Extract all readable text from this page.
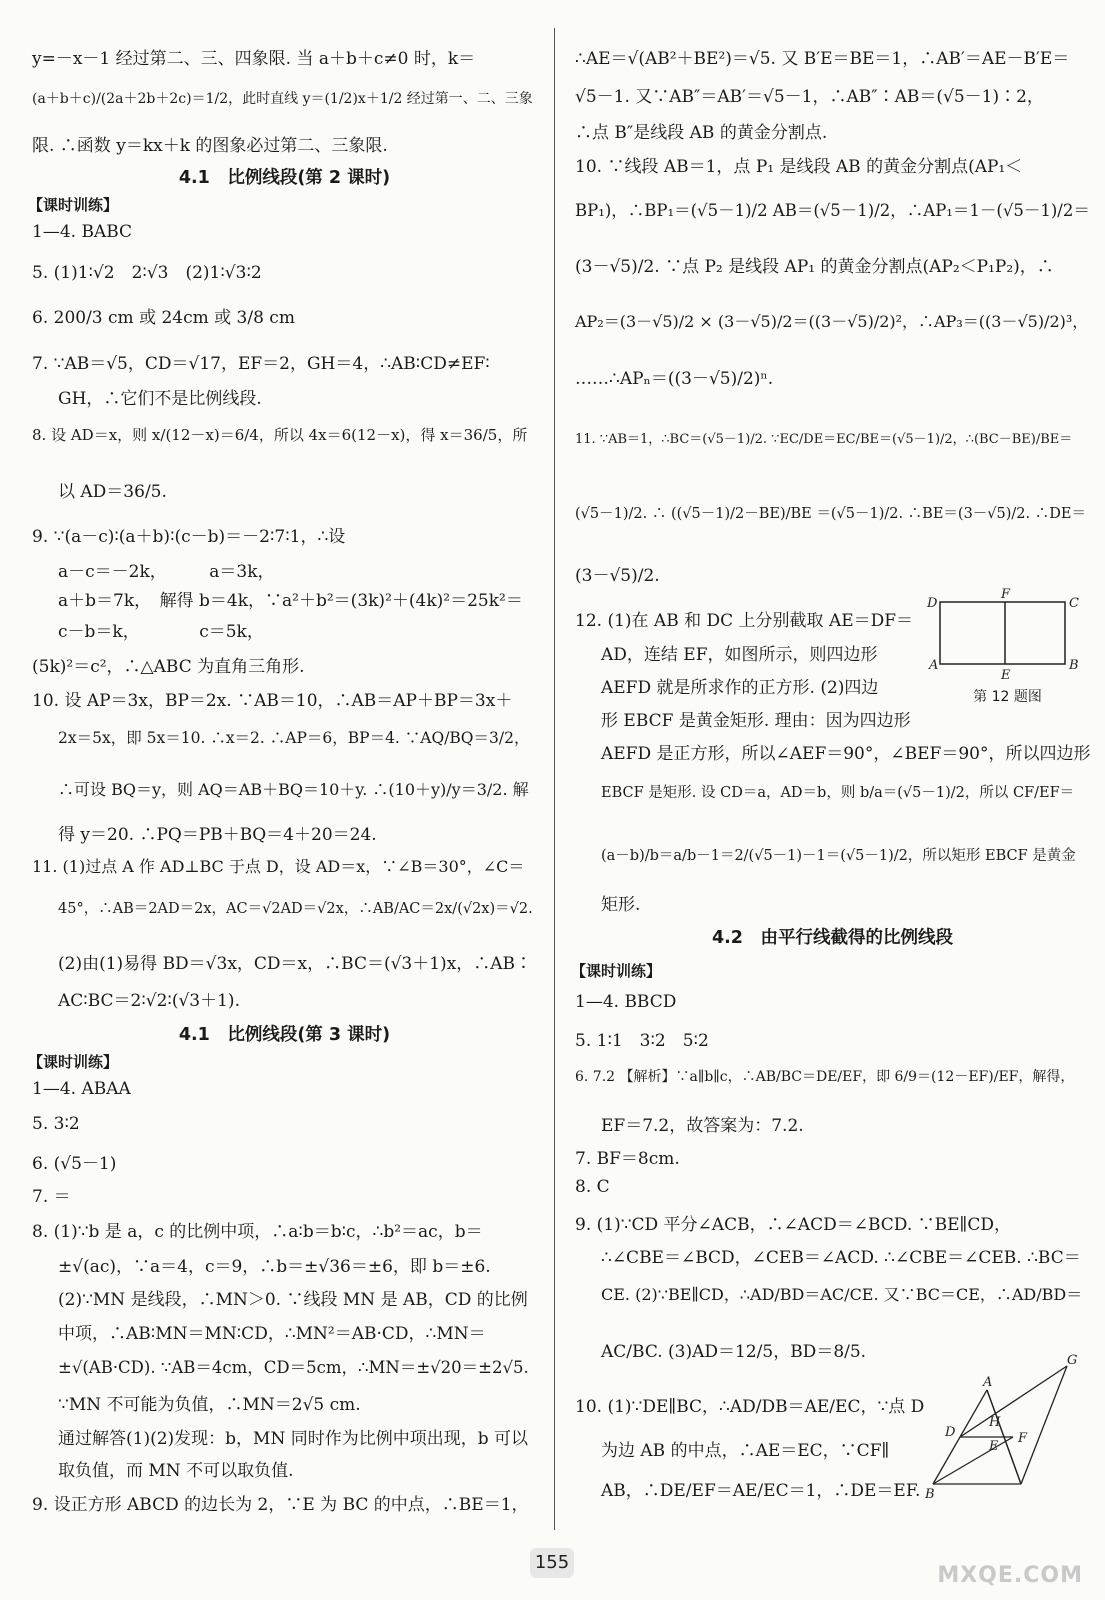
y=－x－1 经过第二、三、四象限. 当 a＋b＋c≠0 时，k＝
(a＋b＋c)/(2a＋2b＋2c)＝1/2，此时直线 y＝(1/2)x＋1/2 经过第一、二、三象
限. ∴函数 y＝kx＋k 的图象必过第二、三象限.
1—4. BABC
5. (1)1∶√2　2∶√3　(2)1∶√3∶2
6. 200/3 cm 或 24cm 或 3/8 cm
7. ∵AB＝√5，CD＝√17，EF＝2，GH＝4，∴AB∶CD≠EF∶
GH，∴它们不是比例线段.
8. 设 AD＝x，则 x/(12－x)＝6/4，所以 4x＝6(12－x)，得 x＝36/5，所
以 AD＝36/5.
9. ∵(a－c)∶(a＋b)∶(c－b)＝－2∶7∶1，∴设
a－c＝－2k，　　　a＝3k，
a＋b＝7k，　解得 b＝4k，∵a²＋b²＝(3k)²＋(4k)²＝25k²＝
c－b＝k，　　　　c＝5k，
(5k)²＝c²，∴△ABC 为直角三角形.
10. 设 AP＝3x，BP＝2x. ∵AB＝10，∴AB＝AP＋BP＝3x＋
2x＝5x，即 5x＝10. ∴x＝2. ∴AP＝6，BP＝4. ∵AQ/BQ＝3/2，
∴可设 BQ＝y，则 AQ＝AB＋BQ＝10＋y. ∴(10＋y)/y＝3/2. 解
得 y＝20. ∴PQ＝PB＋BQ＝4＋20＝24.
11. (1)过点 A 作 AD⊥BC 于点 D，设 AD＝x，∵∠B＝30°，∠C＝
45°，∴AB＝2AD＝2x，AC＝√2AD＝√2x，∴AB/AC＝2x/(√2x)＝√2.
(2)由(1)易得 BD＝√3x，CD＝x，∴BC＝(√3＋1)x，∴AB∶
AC∶BC＝2∶√2∶(√3＋1).
1—4. ABAA
5. 3∶2
6. (√5－1)
7. ＝
8. (1)∵b 是 a，c 的比例中项，∴a∶b＝b∶c，∴b²＝ac，b＝
±√(ac)，∵a＝4，c＝9，∴b＝±√36＝±6，即 b＝±6.
(2)∵MN 是线段，∴MN＞0. ∵线段 MN 是 AB，CD 的比例
中项，∴AB∶MN＝MN∶CD，∴MN²＝AB·CD，∴MN＝
±√(AB·CD). ∵AB＝4cm，CD＝5cm，∴MN＝±√20＝±2√5.
∵MN 不可能为负值，∴MN＝2√5 cm.
通过解答(1)(2)发现：b，MN 同时作为比例中项出现，b 可以
取负值，而 MN 不可以取负值.
9. 设正方形 ABCD 的边长为 2，∵E 为 BC 的中点，∴BE＝1，
4.1　比例线段(第 2 课时)
4.1　比例线段(第 3 课时)
【课时训练】
【课时训练】
∴AE＝√(AB²＋BE²)＝√5. 又 B′E＝BE＝1，∴AB′＝AE－B′E＝
√5－1. 又∵AB″＝AB′＝√5－1，∴AB″∶AB＝(√5－1)∶2，
∴点 B″是线段 AB 的黄金分割点.
10. ∵线段 AB＝1，点 P₁ 是线段 AB 的黄金分割点(AP₁＜
BP₁)，∴BP₁＝(√5－1)/2 AB＝(√5－1)/2，∴AP₁＝1－(√5－1)/2＝
(3－√5)/2. ∵点 P₂ 是线段 AP₁ 的黄金分割点(AP₂＜P₁P₂)，∴
AP₂＝(3－√5)/2 × (3－√5)/2＝((3－√5)/2)²，∴AP₃＝((3－√5)/2)³，
……∴APₙ＝((3－√5)/2)ⁿ.
11. ∵AB＝1，∴BC＝(√5－1)/2. ∵EC/DE＝EC/BE＝(√5－1)/2，∴(BC－BE)/BE＝
(√5－1)/2. ∴ ((√5－1)/2－BE)/BE ＝(√5－1)/2. ∴BE＝(3－√5)/2. ∴DE＝
(3－√5)/2.
12. (1)在 AB 和 DC 上分别截取 AE＝DF＝
AD，连结 EF，如图所示，则四边形
AEFD 就是所求作的正方形. (2)四边
形 EBCF 是黄金矩形. 理由：因为四边形
AEFD 是正方形，所以∠AEF＝90°，∠BEF＝90°，所以四边形
EBCF 是矩形. 设 CD＝a，AD＝b，则 b/a＝(√5－1)/2，所以 CF/EF＝
(a－b)/b＝a/b－1＝2/(√5－1)－1＝(√5－1)/2，所以矩形 EBCF 是黄金
矩形.
1—4. BBCD
5. 1∶1　3∶2　5∶2
6. 7.2 【解析】∵a∥b∥c，∴AB/BC＝DE/EF，即 6/9＝(12－EF)/EF，解得，
EF＝7.2，故答案为：7.2.
7. BF＝8cm.
8. C
9. (1)∵CD 平分∠ACB，∴∠ACD＝∠BCD. ∵BE∥CD，
∴∠CBE＝∠BCD，∠CEB＝∠ACD. ∴∠CBE＝∠CEB. ∴BC＝
CE. (2)∵BE∥CD，∴AD/BD＝AC/CE. 又∵BC＝CE，∴AD/BD＝
AC/BC. (3)AD＝12/5，BD＝8/5.
10. (1)∵DE∥BC，∴AD/DB＝AE/EC，∵点 D
为边 AB 的中点，∴AE＝EC，∵CF∥
AB，∴DE/EF＝AE/EC＝1，∴DE＝EF.
4.2　由平行线截得的比例线段
【课时训练】
D
F
C
A
E
B
第 12 题图
A
D
H
E
F
G
B
155
MXQE.COM
